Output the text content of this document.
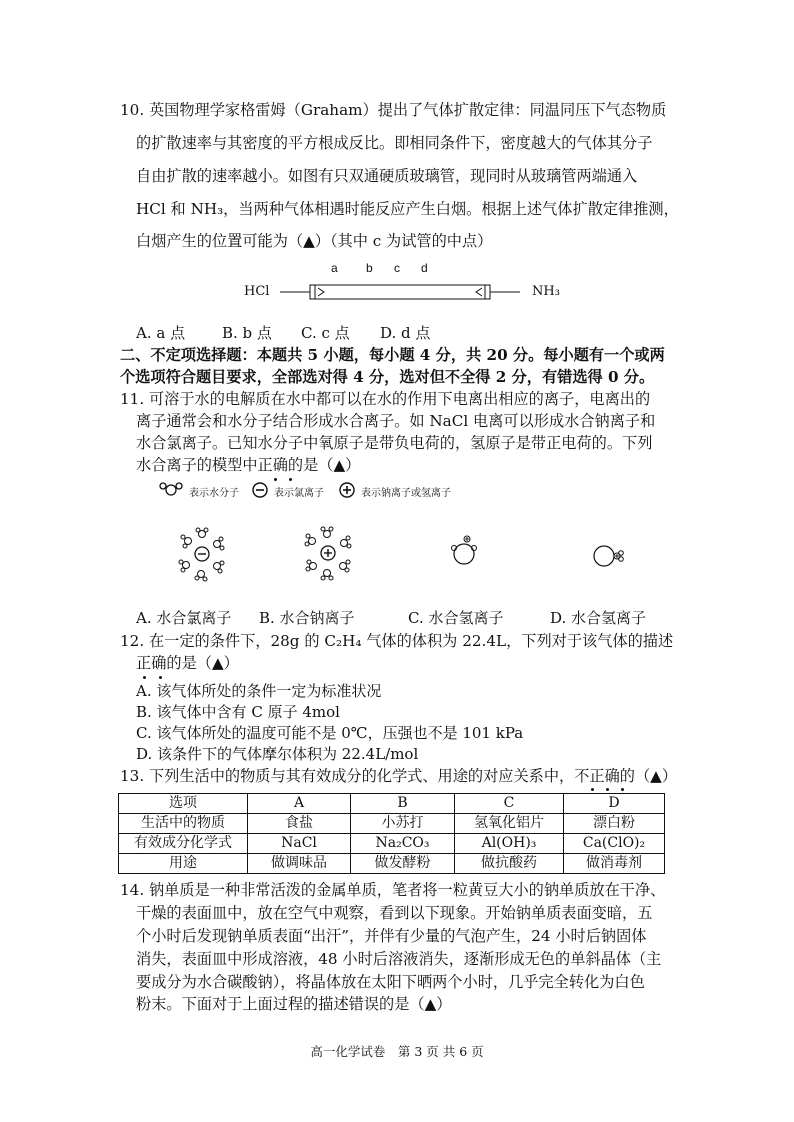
10. 英国物理学家格雷姆（Graham）提出了气体扩散定律：同温同压下气态物质
的扩散速率与其密度的平方根成反比。即相同条件下，密度越大的气体其分子
自由扩散的速率越小。如图有只双通硬质玻璃管，现同时从玻璃管两端通入
HCl 和 NH₃，当两种气体相遇时能反应产生白烟。根据上述气体扩散定律推测，
白烟产生的位置可能为（▲）（其中 c 为试管的中点）
a b c d
HCl	NH₃
A. a 点 B. b 点 C. c 点 D. d 点
二、不定项选择题：本题共 5 小题，每小题 4 分，共 20 分。每小题有一个或两
个选项符合题目要求，全部选对得 4 分，选对但不全得 2 分，有错选得 0 分。
11. 可溶于水的电解质在水中都可以在水的作用下电离出相应的离子，电离出的
离子通常会和水分子结合形成水合离子。如 NaCl 电离可以形成水合钠离子和
水合氯离子。已知水分子中氧原子是带负电荷的，氢原子是带正电荷的。下列
水合离子的模型中正确的是（▲）
表示水分子	表示氯离子	表示钠离子或氢离子
A. 水合氯离子 B. 水合钠离子	C. 水合氢离子	D. 水合氢离子
12. 在一定的条件下，28g 的 C₂H₄ 气体的体积为 22.4L，下列对于该气体的描述
正确的是（▲）
A. 该气体所处的条件一定为标准状况
B. 该气体中含有 C 原子 4mol
C. 该气体所处的温度可能不是 0℃，压强也不是 101 kPa
D. 该条件下的气体摩尔体积为 22.4L/mol
13. 下列生活中的物质与其有效成分的化学式、用途的对应关系中，不正确的（▲）
选项	A	B	C	D
生活中的物质	食盐	小苏打	氢氧化铝片	漂白粉
有效成分化学式	NaCl	Na₂CO₃	Al(OH)₃	Ca(ClO)₂
用途	做调味品	做发酵粉	做抗酸药	做消毒剂
14. 钠单质是一种非常活泼的金属单质，笔者将一粒黄豆大小的钠单质放在干净、
干燥的表面皿中，放在空气中观察，看到以下现象。开始钠单质表面变暗，五
个小时后发现钠单质表面“出汗”，并伴有少量的气泡产生，24 小时后钠固体
消失，表面皿中形成溶液，48 小时后溶液消失，逐渐形成无色的单斜晶体（主
要成分为水合碳酸钠），将晶体放在太阳下晒两个小时，几乎完全转化为白色
粉末。下面对于上面过程的描述错误的是（▲）
高一化学试卷　第 3 页 共 6 页
